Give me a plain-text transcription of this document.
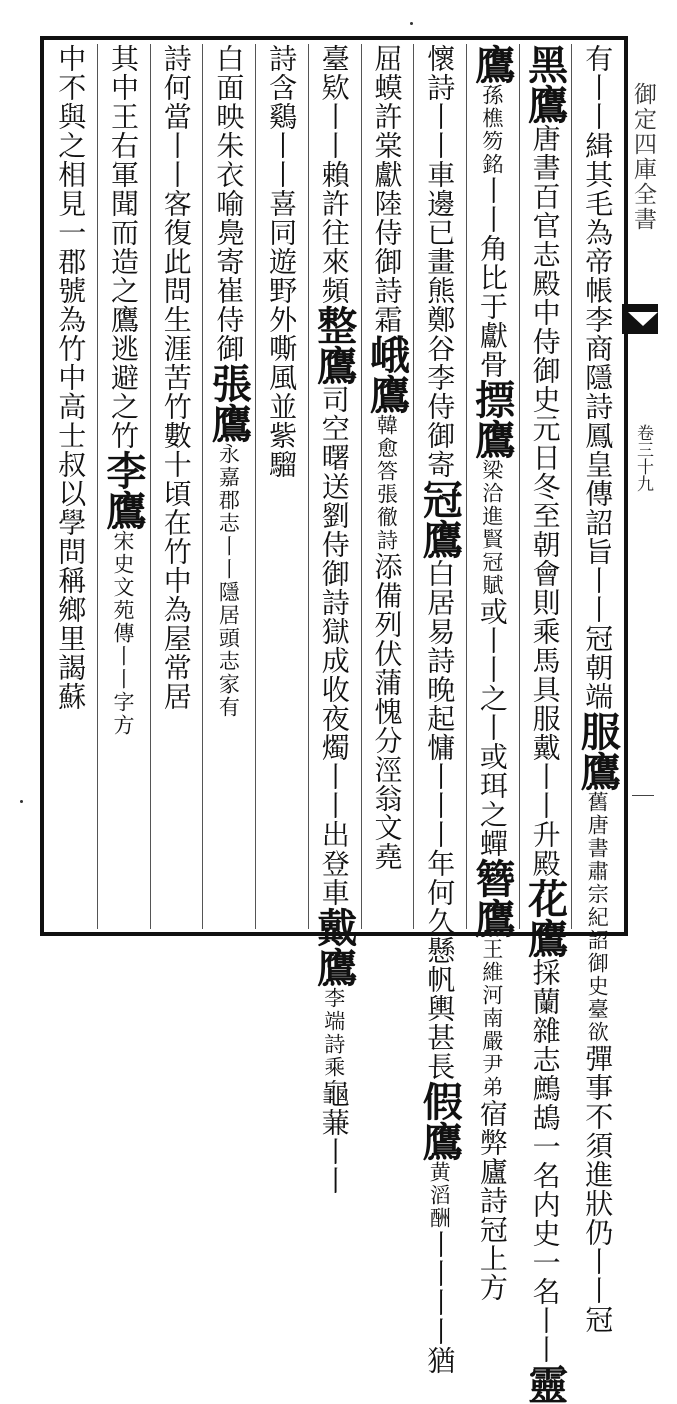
御定四庫全書
卷三十九
有丨丨緝其毛為帝帳李商隱詩鳳皇傳詔旨丨丨冠朝端服鷹舊唐書肅宗紀詔御史臺欲彈事不須進狀仍丨丨冠
黑鷹唐書百官志殿中侍御史元日冬至朝會則乘馬具服戴丨丨升殿花鷹採蘭雜志鷓鴣一名内史一名丨丨靈
鷹孫樵笏銘丨丨角比于獻骨摽鷹梁洽進賢冠賦或丨丨之丨或珥之蟬簪鷹王維河南嚴尹弟宿弊廬詩冠上方
懷詩丨丨車邊已畫熊鄭谷李侍御寄冠鷹白居易詩晚起慵丨丨丨年何久懸帆輿甚長假鷹黄滔酬丨丨丨丨猶
屈蟆許棠獻陸侍御詩霜峨鷹韓愈答張徹詩添備列伏蒲愧分涇翁文堯
臺欵丨丨賴許往來頻整鷹司空曙送劉侍御詩獄成收夜燭丨丨出登車戴鷹李端詩乘龜蒹丨丨
詩含鷄丨丨喜同遊野外嘶風並紫騮
白面映朱衣喻鳧寄崔侍御張鷹永嘉郡志丨丨隱居頭志家有
詩何當丨丨客復此問生涯苦竹數十頃在竹中為屋常居
其中王右軍聞而造之鷹逃避之竹李鷹宋史文苑傳丨丨字方
中不與之相見一郡號為竹中高士叔以學問稱鄉里謁蘇
